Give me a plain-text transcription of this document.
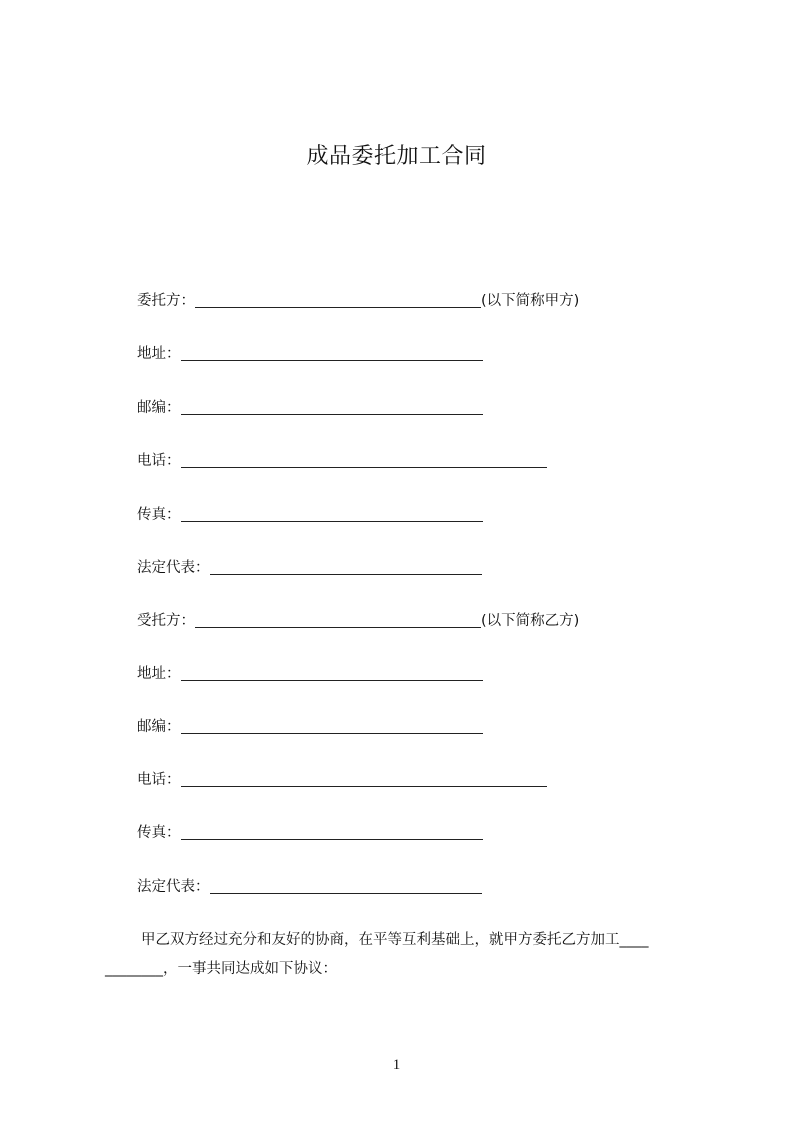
成品委托加工合同
委托方：	(以下简称甲方)
地址：
邮编：
电话：
传真：
法定代表：
受托方：	(以下简称乙方)
地址：
邮编：
电话：
传真：
法定代表：
甲乙双方经过充分和友好的协商，在平等互利基础上，就甲方委托乙方加工____
________，一事共同达成如下协议：
1
